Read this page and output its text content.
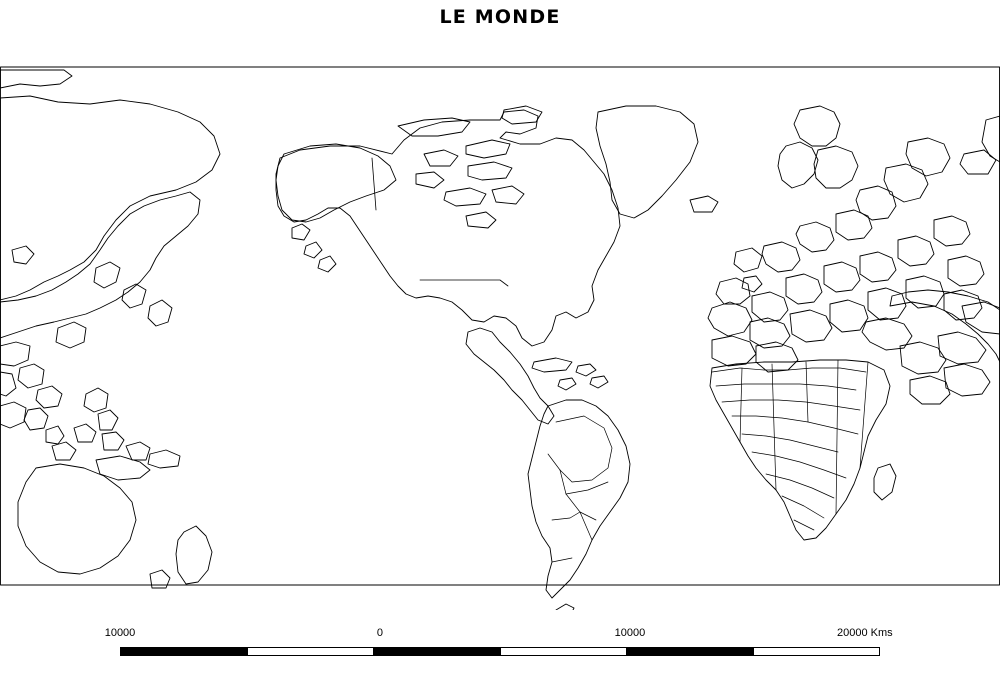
LE MONDE
10000	0	10000	20000 Kms
